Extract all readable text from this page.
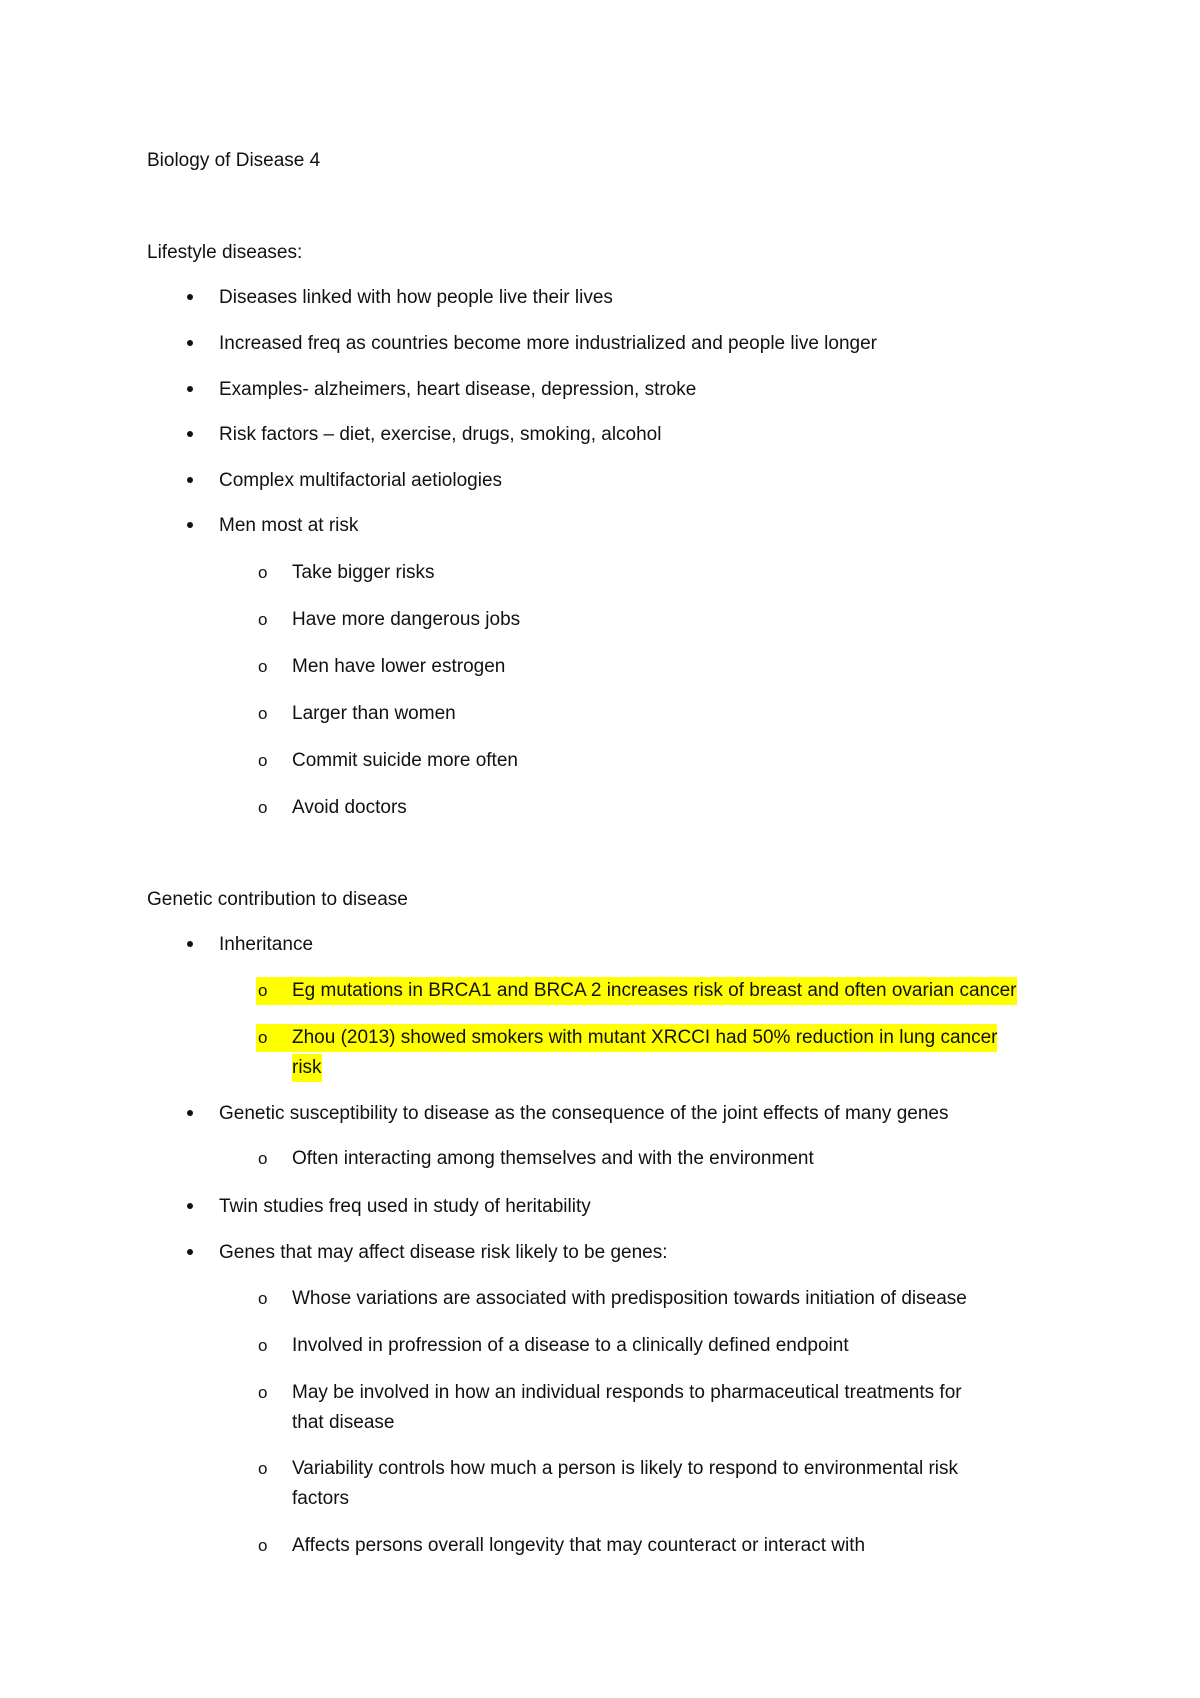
Biology of Disease 4
Lifestyle diseases:
Diseases linked with how people live their lives
Increased freq as countries become more industrialized and people live longer
Examples- alzheimers, heart disease, depression, stroke
Risk factors – diet, exercise, drugs, smoking, alcohol
Complex multifactorial aetiologies
Men most at risk
o Take bigger risks
o Have more dangerous jobs
o Men have lower estrogen
o Larger than women
o Commit suicide more often
o Avoid doctors
Genetic contribution to disease
Inheritance
o	Eg mutations in BRCA1 and BRCA 2 increases risk of breast and often ovarian cancer
o	Zhou (2013) showed smokers with mutant XRCCI had 50% reduction in lung cancer
risk
Genetic susceptibility to disease as the consequence of the joint effects of many genes
o Often interacting among themselves and with the environment
Twin studies freq used in study of heritability
Genes that may affect disease risk likely to be genes:
o Whose variations are associated with predisposition towards initiation of disease
o Involved in profression of a disease to a clinically defined endpoint
o May be involved in how an individual responds to pharmaceutical treatments for
that disease
o Variability controls how much a person is likely to respond to environmental risk
factors
o Affects persons overall longevity that may counteract or interact with
